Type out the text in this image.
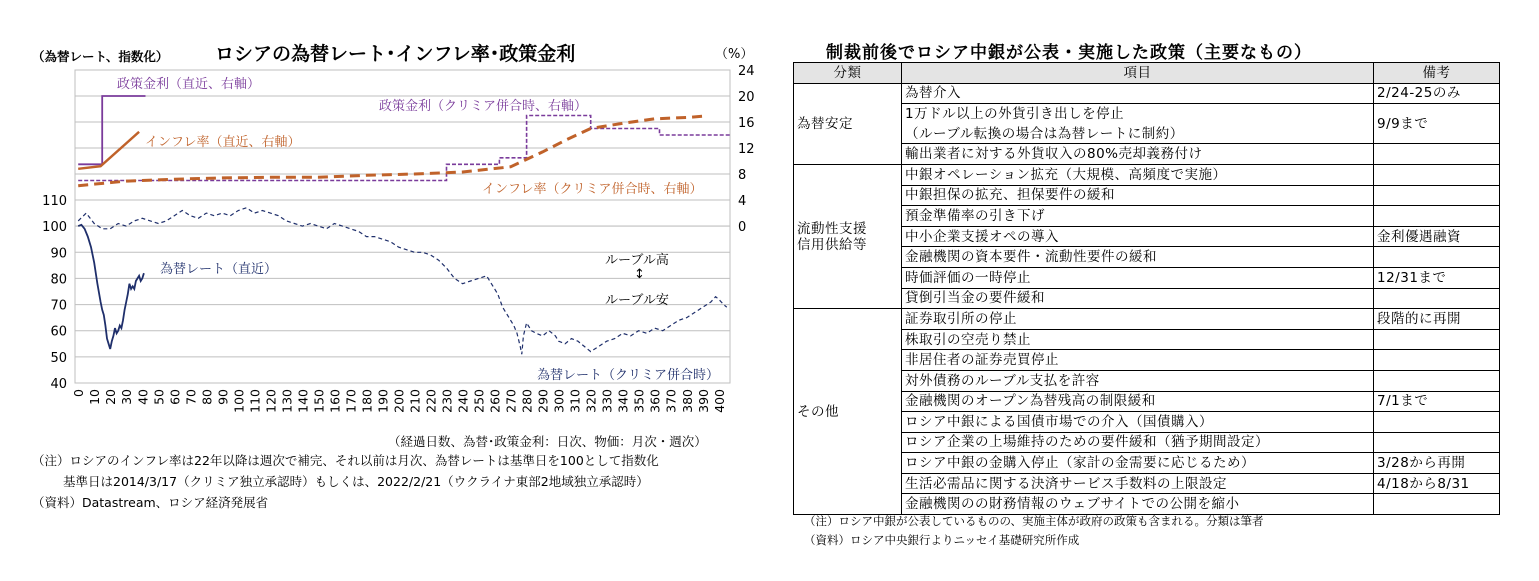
（為替レート、指数化） ロシアの為替レート･インフレ率･政策金利	（%）
0
4
8
12
16
20
24
40
50
60
70
80
90
100
110
0 10 20 30 40 50 60 70 80 90 100 110 120 130 140 150 160 170 180 190 200 210 220 230 240 250 260 270 280 290 300 310 320 330 340 350 360 370 380 390 400
政策金利（直近、右軸）
政策金利（クリミア併合時、右軸）
インフレ率（直近、右軸）
インフレ率（クリミア併合時、右軸）
為替レート（直近）
為替レート（クリミア併合時）
ルーブル高
↕
ルーブル安
（経過日数、為替･政策金利：日次、物価：月次・週次）
（注）ロシアのインフレ率は22年以降は週次で補完、それ以前は月次、為替レートは基準日を100として指数化
基準日は2014/3/17（クリミア独立承認時）もしくは、2022/2/21（ウクライナ東部2地域独立承認時）
（資料）Datastream、ロシア経済発展省
制裁前後でロシア中銀が公表・実施した政策（主要なもの）
分類	項目	備考
為替安定	為替介入	2/24-25のみ
	1万ドル以上の外貨引き出しを停止	9/9まで
	（ルーブル転換の場合は為替レートに制約）	
	輸出業者に対する外貨収入の80%売却義務付け	
流動性支援
信用供給等	中銀オペレーション拡充（大規模、高頻度で実施）	
	中銀担保の拡充、担保要件の緩和	
	預金準備率の引き下げ	
	中小企業支援オペの導入	金利優遇融資
	金融機関の資本要件・流動性要件の緩和	
	時価評価の一時停止	12/31まで
	貸倒引当金の要件緩和	
その他	証券取引所の停止	段階的に再開
	株取引の空売り禁止	
	非居住者の証券売買停止	
	対外債務のルーブル支払を許容	
	金融機関のオープン為替残高の制限緩和	7/1まで
	ロシア中銀による国債市場での介入（国債購入）	
	ロシア企業の上場維持のための要件緩和（猶予期間設定）	
	ロシア中銀の金購入停止（家計の金需要に応じるため）	3/28から再開
	生活必需品に関する決済サービス手数料の上限設定	4/18から8/31
	金融機関のの財務情報のウェブサイトでの公開を縮小	
（注）ロシア中銀が公表しているものの、実施主体が政府の政策も含まれる。分類は筆者
（資料）ロシア中央銀行よりニッセイ基礎研究所作成
